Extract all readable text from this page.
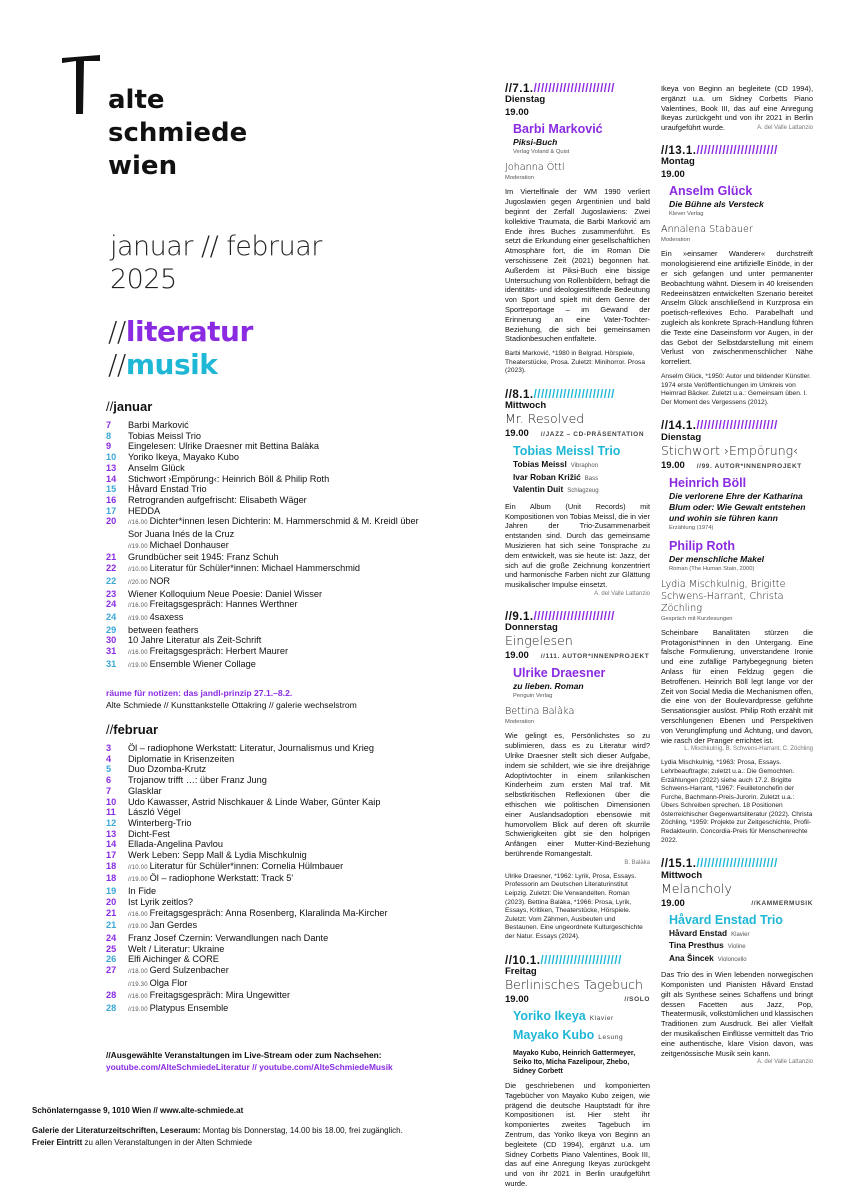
alte
schmiede
wien
januar // februar
2025
//literatur
//musik
//januar
7	Barbi Marković
8	Tobias Meissl Trio
9	Eingelesen: Ulrike Draesner mit Bettina Balàka
10	Yoriko Ikeya, Mayako Kubo
13	Anselm Glück
14	Stichwort ›Empörung‹: Heinrich Böll & Philip Roth
15	Håvard Enstad Trio
16	Retrogranden aufgefrischt: Elisabeth Wäger
17	HEDDA
20	//16.00 Dichter*innen lesen Dichterin: M. Hammerschmid & M. Kreidl über
Sor Juana Inés de la Cruz
//19.00 Michael Donhauser
21	Grundbücher seit 1945: Franz Schuh
22	//10.00 Literatur für Schüler*innen: Michael Hammerschmid
22	//20.00 NOR
23	Wiener Kolloquium Neue Poesie: Daniel Wisser
24	//16.00 Freitagsgespräch: Hannes Werthner
24	//19.00 4saxess
29	between feathers
30	10 Jahre Literatur als Zeit-Schrift
31	//16.00 Freitagsgespräch: Herbert Maurer
31	//19.00 Ensemble Wiener Collage
räume für notizen: das jandl-prinzip 27.1.–8.2.
Alte Schmiede // Kunsttankstelle Ottakring // galerie wechselstrom
//februar
3	Öl – radiophone Werkstatt: Literatur, Journalismus und Krieg
4	Diplomatie in Krisenzeiten
5	Duo Dzomba-Krutz
6	Trojanow trifft …: über Franz Jung
7	Glasklar
10	Udo Kawasser, Astrid Nischkauer & Linde Waber, Günter Kaip
11	László Végel
12	Winterberg-Trio
13	Dicht-Fest
14	Ellada-Angelina Pavlou
17	Werk Leben: Sepp Mall & Lydia Mischkulnig
18	//10.00 Literatur für Schüler*innen: Cornelia Hülmbauer
18	//19.00 Öl – radiophone Werkstatt: Track 5'
19	In Fide
20	Ist Lyrik zeitlos?
21	//16.00 Freitagsgespräch: Anna Rosenberg, Klaralinda Ma-Kircher
21	//19.00 Jan Gerdes
24	Franz Josef Czernin: Verwandlungen nach Dante
25	Welt / Literatur: Ukraine
26	Elfi Aichinger & CORE
27	//18.00 Gerd Sulzenbacher
//19.30 Olga Flor
28	//16.00 Freitagsgespräch: Mira Ungewitter
28	//19.00 Platypus Ensemble
//Ausgewählte Veranstaltungen im Live-Stream oder zum Nachsehen:
youtube.com/AlteSchmiedeLiteratur // youtube.com/AlteSchmiedeMusik
Schönlaterngasse 9, 1010 Wien // www.alte-schmiede.at
Galerie der Literaturzeitschriften, Leseraum: Montag bis Donnerstag, 14.00 bis 18.00, frei zugänglich.
Freier Eintritt zu allen Veranstaltungen in der Alten Schmiede
//7.1.//////////////////////
Dienstag
19.00
Barbi Marković
Piksi-Buch
Verlag Voland & Quist
Johanna Öttl
Moderation
Im Viertelfinale der WM 1990 verliert Jugoslawien gegen Argentinien und bald beginnt der Zerfall Jugoslawiens: Zwei kollektive Traumata, die Barbi Marković am Ende ihres Buches zusammenführt. Es setzt die Erkundung einer gesellschaftlichen Atmosphäre fort, die im Roman Die verschissene Zeit (2021) begonnen hat. Außerdem ist Piksi-Buch eine bissige Untersuchung von Rollenbildern, befragt die identitäts- und ideologiestiftende Bedeutung von Sport und spielt mit dem Genre der Sportreportage – im Gewand der Erinnerung an eine Vater-Tochter-Beziehung, die sich bei gemeinsamen Stadionbesuchen entfaltete.
Barbi Marković, *1980 in Belgrad. Hörspiele, Theaterstücke, Prosa. Zuletzt: Minihorror. Prosa (2023).
//8.1.//////////////////////
Mittwoch
Mr. Resolved
19.00 //JAZZ – CD-PRÄSENTATION
Tobias Meissl Trio
Tobias Meissl Vibraphon
Ivar Roban Križić Bass
Valentin Duit Schlagzeug
Ein Album (Unit Records) mit Kompositionen von Tobias Meissl, die in vier Jahren der Trio-Zusammenarbeit entstanden sind. Durch das gemeinsame Musizieren hat sich seine Tonsprache zu dem entwickelt, was sie heute ist: Jazz, der sich auf die große Zeichnung konzentriert und harmonische Farben nicht zur Glättung musikalischer Impulse einsetzt.
A. del Valle Lattanzio
//9.1.//////////////////////
Donnerstag
Eingelesen
19.00 //111. AUTOR*INNENPROJEKT
Ulrike Draesner
zu lieben. Roman
Penguin Verlag
Bettina Balàka
Moderation
Wie gelingt es, Persönlichstes so zu sublimieren, dass es zu Literatur wird? Ulrike Draesner stellt sich dieser Aufgabe, indem sie schildert, wie sie ihre dreijährige Adoptivtochter in einem srilankischen Kinderheim zum ersten Mal traf. Mit selbstkritischen Reflexionen über die ethischen wie politischen Dimensionen einer Auslandsadoption ebensowie mit humorvollem Blick auf deren oft skurrile Schwierigkeiten gibt sie den holprigen Anfängen einer Mutter-Kind-Beziehung berührende Romangestalt.
B. Balàka
Ulrike Draesner, *1962: Lyrik, Prosa, Essays. Professorin am Deutschen Literaturinstitut Leipzig. Zuletzt: Die Verwandelten. Roman (2023). Bettina Balàka, *1966: Prosa, Lyrik, Essays, Kritiken, Theaterstücke, Hörspiele. Zuletzt: Vom Zähmen, Ausbeuten und Bestaunen. Eine ungeordnete Kulturgeschichte der Natur. Essays (2024).
//10.1.//////////////////////
Freitag
Berlinisches Tagebuch
19.00	//SOLO
Yoriko Ikeya Klavier
Mayako Kubo Lesung
Mayako Kubo, Heinrich Gattermeyer, Seiko Ito, Micha Fazelipour, Zhebo, Sidney Corbett
Die geschriebenen und komponierten Tagebücher von Mayako Kubo zeigen, wie prägend die deutsche Hauptstadt für ihre Kompositionen ist. Hier steht ihr komponiertes zweites Tagebuch im Zentrum, das Yoriko Ikeya von Beginn an begleitete (CD 1994), ergänzt u.a. um Sidney Corbetts Piano Valentines, Book III, das auf eine Anregung Ikeyas zurückgeht und von ihr 2021 in Berlin uraufgeführt wurde.
Ikeya von Beginn an begleitete (CD 1994), ergänzt u.a. um Sidney Corbetts Piano Valentines, Book III, das auf eine Anregung Ikeyas zurückgeht und von ihr 2021 in Berlin uraufgeführt wurde.	A. del Valle Lattanzio
//13.1.//////////////////////
Montag
19.00
Anselm Glück
Die Bühne als Versteck
Klever Verlag
Annalena Stabauer
Moderation
Ein »einsamer Wanderer« durchstreift monologisierend eine artifizielle Einöde, in der er sich gefangen und unter permanenter Beobachtung wähnt. Diesem in 40 kreisenden Redeeinsätzen entwickelten Szenario bereitet Anselm Glück anschließend in Kurzprosa ein poetisch-reflexives Echo. Parabelhaft und zugleich als konkrete Sprach-Handlung führen die Texte eine Daseinsform vor Augen, in der das Gebot der Selbstdarstellung mit einem Verlust von zwischenmenschlicher Nähe korreliert.
Anselm Glück, *1950: Autor und bildender Künstler. 1974 erste Veröffentlichungen im Umkreis von Heimrad Bäcker. Zuletzt u.a.: Gemeinsam üben. I. Der Moment des Vergessens (2012).
//14.1.//////////////////////
Dienstag
Stichwort ›Empörung‹
19.00 //99. AUTOR*INNENPROJEKT
Heinrich Böll
Die verlorene Ehre der Katharina Blum oder: Wie Gewalt entstehen und wohin sie führen kann
Erzählung (1974)
Philip Roth
Der menschliche Makel
Roman (The Human Stain, 2000)
Lydia Mischkulnig, Brigitte Schwens-Harrant, Christa Zöchling
Gespräch mit Kurzlesungen
Scheinbare Banalitäten stürzen die Protagonist*innen in den Untergang. Eine falsche Formulierung, unverstandene Ironie und eine zufällige Partybegegnung bieten Anlass für einen Feldzug gegen die Betroffenen. Heinrich Böll legt lange vor der Zeit von Social Media die Mechanismen offen, die eine von der Boulevardpresse geführte Sensationsgier auslöst. Philip Roth erzählt mit verschlungenen Ebenen und Perspektiven von Verunglimpfung und Ächtung, und davon, wie rasch der Pranger errichtet ist.
L. Mischkulnig, B. Schwens-Harrant, C. Zöchling
Lydia Mischkulnig, *1963: Prosa, Essays. Lehrbeauftragte; zuletzt u.a.: Die Gemochten. Erzählungen (2022) siehe auch 17.2. Brigitte Schwens-Harrant, *1967: Feuilletonchefin der Furche, Bachmann-Preis-Jurorin. Zuletzt u.a.: Übers Schreiben sprechen. 18 Positionen österreichischer Gegenwartsliteratur (2022). Christa Zöchling, *1959: Projekte zur Zeitgeschichte, Profil-Redakteurin. Concordia-Preis für Menschenrechte 2022.
//15.1.//////////////////////
Mittwoch
Melancholy
19.00	//KAMMERMUSIK
Håvard Enstad Trio
Håvard Enstad Klavier
Tina Presthus Violine
Ana Šincek Violoncello
Das Trio des in Wien lebenden norwegischen Komponisten und Pianisten Håvard Enstad gilt als Synthese seines Schaffens und bringt dessen Facetten aus Jazz, Pop, Theatermusik, volkstümlichen und klassischen Traditionen zum Ausdruck. Bei aller Vielfalt der musikalischen Einflüsse vermittelt das Trio eine authentische, klare Vision davon, was zeitgenössische Musik sein kann.
A. del Valle Lattanzio
